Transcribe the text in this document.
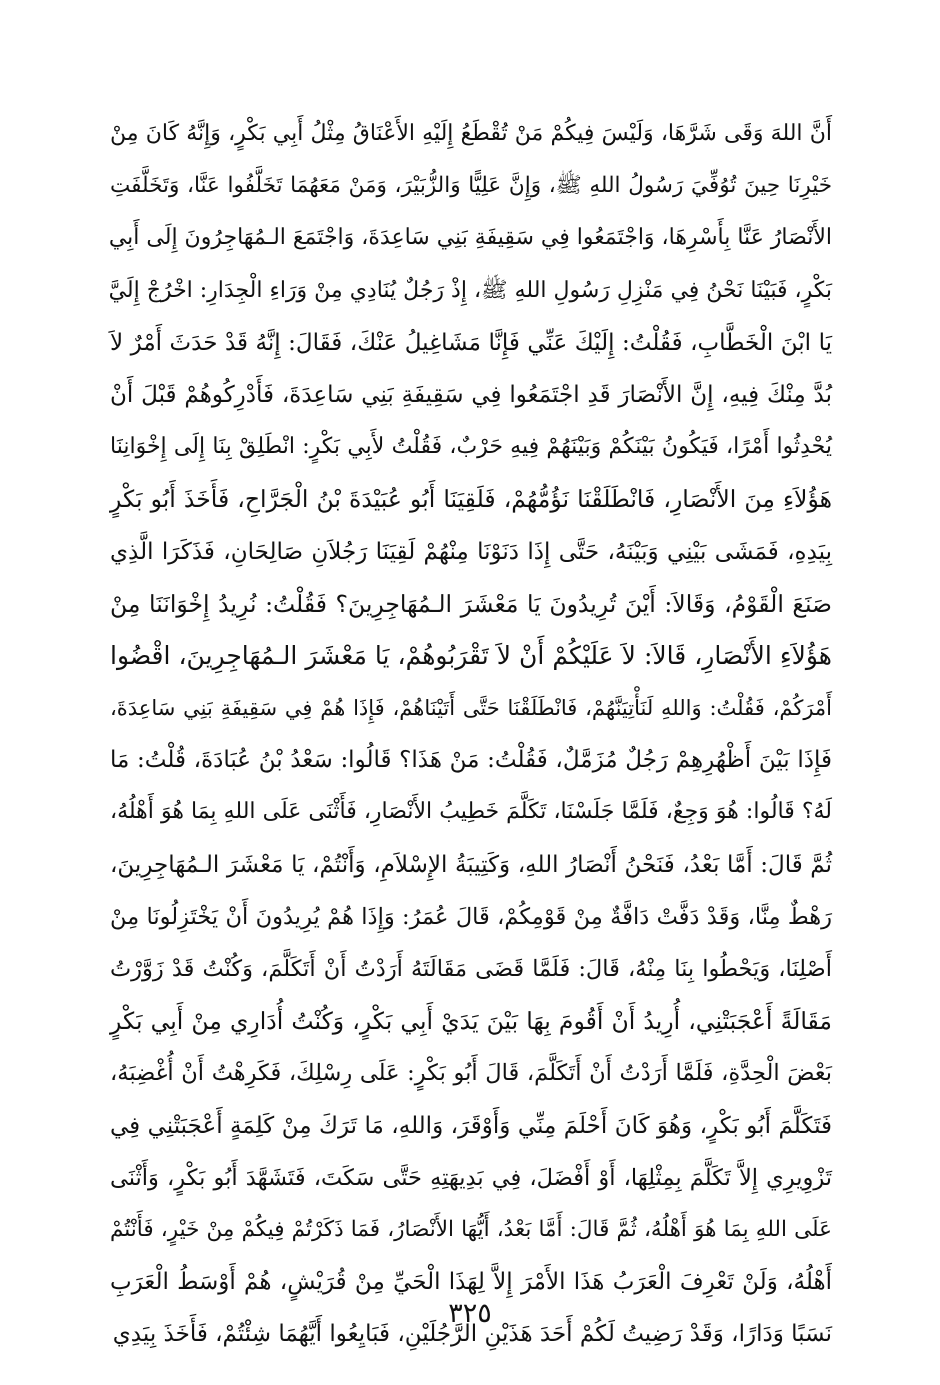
أَنَّ اللهَ وَقَى شَرَّهَا، وَلَيْسَ فِيكُمْ مَنْ تُقْطَعُ إِلَيْهِ الأَعْنَاقُ مِثْلُ أَبِي بَكْرٍ، وَإِنَّهُ كَانَ مِنْ
خَيْرِنَا حِينَ تُوُفِّيَ رَسُولُ اللهِ ﷺ، وَإِنَّ عَلِيًّا وَالزُّبَيْرَ، وَمَنْ مَعَهُمَا تَخَلَّفُوا عَنَّا، وَتَخَلَّفَتِ
الأَنْصَارُ عَنَّا بِأَسْرِهَا، وَاجْتَمَعُوا فِي سَقِيفَةِ بَنِي سَاعِدَةَ، وَاجْتَمَعَ الـمُهَاجِرُونَ إِلَى أَبِي
بَكْرٍ، فَبَيْنَا نَحْنُ فِي مَنْزِلِ رَسُولِ اللهِ ﷺ، إِذْ رَجُلٌ يُنَادِي مِنْ وَرَاءِ الْجِدَارِ: اخْرُجْ إِلَيَّ
يَا ابْنَ الْخَطَّابِ، فَقُلْتُ: إِلَيْكَ عَنِّي فَإِنَّا مَشَاغِيلُ عَنْكَ، فَقَالَ: إِنَّهُ قَدْ حَدَثَ أَمْرٌ لاَ
بُدَّ مِنْكَ فِيهِ، إِنَّ الأَنْصَارَ قَدِ اجْتَمَعُوا فِي سَقِيفَةِ بَنِي سَاعِدَةَ، فَأَدْرِكُوهُمْ قَبْلَ أَنْ
يُحْدِثُوا أَمْرًا، فَيَكُونُ بَيْنَكُمْ وَبَيْنَهُمْ فِيهِ حَرْبٌ، فَقُلْتُ لأَبِي بَكْرٍ: انْطَلِقْ بِنَا إِلَى إِخْوَانِنَا
هَؤُلاَءِ مِنَ الأَنْصَارِ، فَانْطَلَقْنَا نَؤُمُّهُمْ، فَلَقِيَنَا أَبُو عُبَيْدَةَ بْنُ الْجَرَّاحِ، فَأَخَذَ أَبُو بَكْرٍ
بِيَدِهِ، فَمَشَى بَيْنِي وَبَيْنَهُ، حَتَّى إِذَا دَنَوْنَا مِنْهُمْ لَقِيَنَا رَجُلاَنِ صَالِحَانِ، فَذَكَرَا الَّذِي
صَنَعَ الْقَوْمُ، وَقَالاَ: أَيْنَ تُرِيدُونَ يَا مَعْشَرَ الـمُهَاجِرِينَ؟ فَقُلْتُ: نُرِيدُ إِخْوَانَنَا مِنْ
هَؤُلاَءِ الأَنْصَارِ، قَالاَ: لاَ عَلَيْكُمْ أَنْ لاَ تَقْرَبُوهُمْ، يَا مَعْشَرَ الـمُهَاجِرِينَ، اقْضُوا
أَمْرَكُمْ، فَقُلْتُ: وَاللهِ لَنَأْتِيَنَّهُمْ، فَانْطَلَقْنَا حَتَّى أَتَيْنَاهُمْ، فَإِذَا هُمْ فِي سَقِيفَةِ بَنِي سَاعِدَةَ،
فَإِذَا بَيْنَ أَظْهُرِهِمْ رَجُلٌ مُزَمَّلٌ، فَقُلْتُ: مَنْ هَذَا؟ قَالُوا: سَعْدُ بْنُ عُبَادَةَ، قُلْتُ: مَا
لَهُ؟ قَالُوا: هُوَ وَجِعٌ، فَلَمَّا جَلَسْنَا، تَكَلَّمَ خَطِيبُ الأَنْصَارِ، فَأَثْنَى عَلَى اللهِ بِمَا هُوَ أَهْلُهُ،
ثُمَّ قَالَ: أَمَّا بَعْدُ، فَنَحْنُ أَنْصَارُ اللهِ، وَكَتِيبَةُ الإِسْلاَمِ، وَأَنْتُمْ، يَا مَعْشَرَ الـمُهَاجِرِينَ،
رَهْطٌ مِنَّا، وَقَدْ دَفَّتْ دَافَّةٌ مِنْ قَوْمِكُمْ، قَالَ عُمَرُ: وَإِذَا هُمْ يُرِيدُونَ أَنْ يَخْتَزِلُونَا مِنْ
أَصْلِنَا، وَيَحْطُوا بِنَا مِنْهُ، قَالَ: فَلَمَّا قَضَى مَقَالَتَهُ أَرَدْتُ أَنْ أَتَكَلَّمَ، وَكُنْتُ قَدْ زَوَّرْتُ
مَقَالَةً أَعْجَبَتْنِي، أُرِيدُ أَنْ أَقُومَ بِهَا بَيْنَ يَدَيْ أَبِي بَكْرٍ، وَكُنْتُ أُدَارِي مِنْ أَبِي بَكْرٍ
بَعْضَ الْحِدَّةِ، فَلَمَّا أَرَدْتُ أَنْ أَتَكَلَّمَ، قَالَ أَبُو بَكْرٍ: عَلَى رِسْلِكَ، فَكَرِهْتُ أَنْ أُغْضِبَهُ،
فَتَكَلَّمَ أَبُو بَكْرٍ، وَهُوَ كَانَ أَحْلَمَ مِنِّي وَأَوْقَرَ، وَاللهِ، مَا تَرَكَ مِنْ كَلِمَةٍ أَعْجَبَتْنِي فِي
تَزْوِيرِي إِلاَّ تَكَلَّمَ بِمِثْلِهَا، أَوْ أَفْضَلَ، فِي بَدِيهَتِهِ حَتَّى سَكَتَ، فَتَشَهَّدَ أَبُو بَكْرٍ، وَأَثْنَى
عَلَى اللهِ بِمَا هُوَ أَهْلُهُ، ثُمَّ قَالَ: أَمَّا بَعْدُ، أَيُّهَا الأَنْصَارُ، فَمَا ذَكَرْتُمْ فِيكُمْ مِنْ خَيْرٍ، فَأَنْتُمْ
أَهْلُهُ، وَلَنْ تَعْرِفَ الْعَرَبُ هَذَا الأَمْرَ إِلاَّ لِهَذَا الْحَيِّ مِنْ قُرَيْشٍ، هُمْ أَوْسَطُ الْعَرَبِ
نَسَبًا وَدَارًا، وَقَدْ رَضِيتُ لَكُمْ أَحَدَ هَذَيْنِ الرَّجُلَيْنِ، فَبَايِعُوا أَيَّهُمَا شِئْتُمْ، فَأَخَذَ بِيَدِي
٣٢٥
